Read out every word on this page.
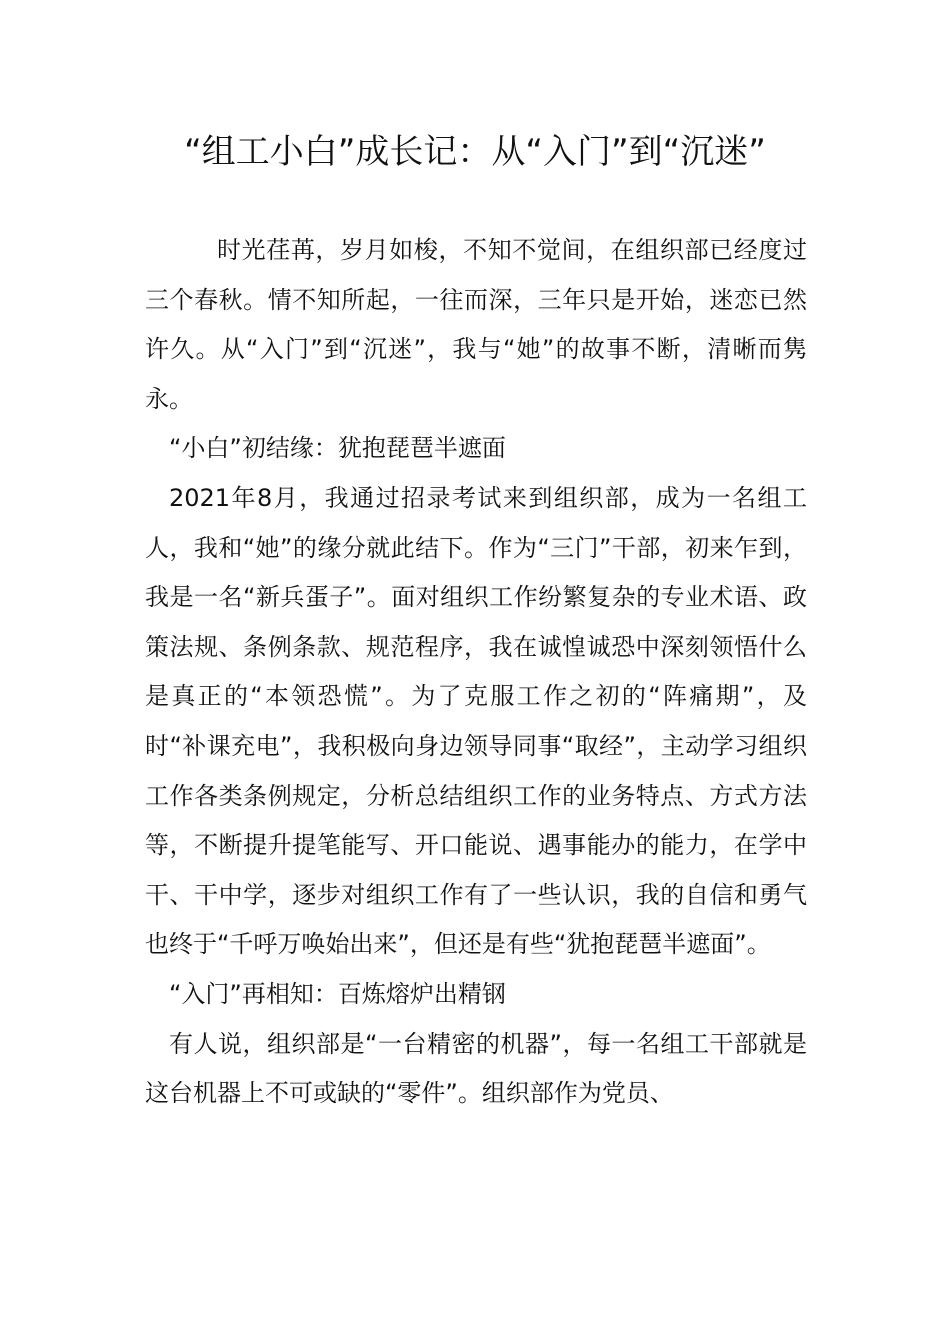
“组工小白”成长记：从“入门”到“沉迷”

时光荏苒，岁月如梭，不知不觉间，在组织部已经度过三个春秋。情不知所起，一往而深，三年只是开始，迷恋已然许久。从“入门”到“沉迷”，我与“她”的故事不断，清晰而隽永。

“小白”初结缘：犹抱琵琶半遮面

2021年8月，我通过招录考试来到组织部，成为一名组工人，我和“她”的缘分就此结下。作为“三门”干部，初来乍到，我是一名“新兵蛋子”。面对组织工作纷繁复杂的专业术语、政策法规、条例条款、规范程序，我在诚惶诚恐中深刻领悟什么是真正的“本领恐慌”。为了克服工作之初的“阵痛期”，及时“补课充电”，我积极向身边领导同事“取经”，主动学习组织工作各类条例规定，分析总结组织工作的业务特点、方式方法等，不断提升提笔能写、开口能说、遇事能办的能力，在学中干、干中学，逐步对组织工作有了一些认识，我的自信和勇气也终于“千呼万唤始出来”，但还是有些“犹抱琵琶半遮面”。

“入门”再相知：百炼熔炉出精钢

有人说，组织部是“一台精密的机器”，每一名组工干部就是这台机器上不可或缺的“零件”。组织部作为党员、
